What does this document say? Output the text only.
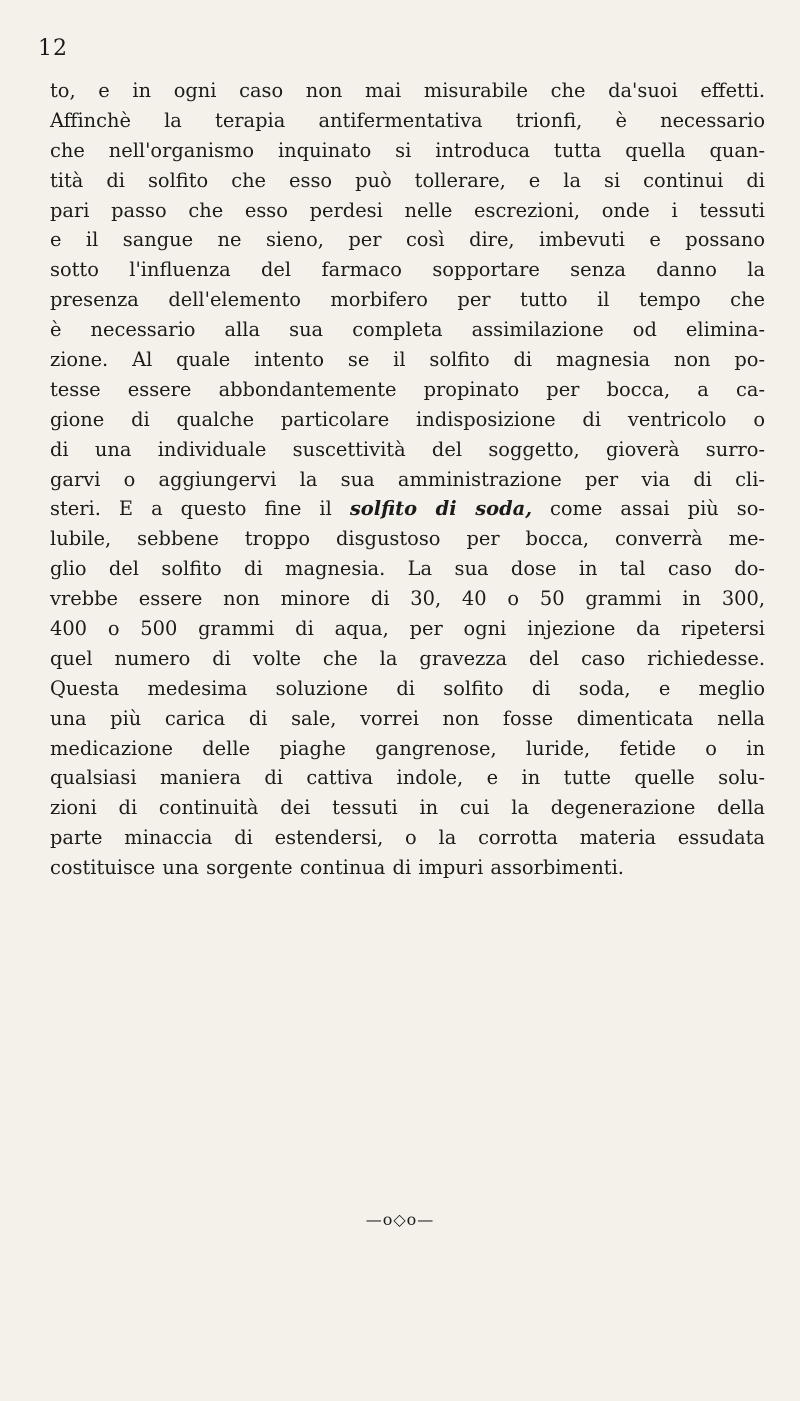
12
to, e in ogni caso non mai misurabile che da'suoi effetti.
Affinchè la terapia antifermentativa trionfi, è necessario
che nell'organismo inquinato si introduca tutta quella quan-
tità di solfito che esso può tollerare, e la si continui di
pari passo che esso perdesi nelle escrezioni, onde i tessuti
e il sangue ne sieno, per così dire, imbevuti e possano
sotto l'influenza del farmaco sopportare senza danno la
presenza dell'elemento morbifero per tutto il tempo che
è necessario alla sua completa assimilazione od elimina-
zione. Al quale intento se il solfito di magnesia non po-
tesse essere abbondantemente propinato per bocca, a ca-
gione di qualche particolare indisposizione di ventricolo o
di una individuale suscettività del soggetto, gioverà surro-
garvi o aggiungervi la sua amministrazione per via di cli-
steri. E a questo fine il solfito di soda, come assai più so-
lubile, sebbene troppo disgustoso per bocca, converrà me-
glio del solfito di magnesia. La sua dose in tal caso do-
vrebbe essere non minore di 30, 40 o 50 grammi in 300,
400 o 500 grammi di aqua, per ogni injezione da ripetersi
quel numero di volte che la gravezza del caso richiedesse.
Questa medesima soluzione di solfito di soda, e meglio
una più carica di sale, vorrei non fosse dimenticata nella
medicazione delle piaghe gangrenose, luride, fetide o in
qualsiasi maniera di cattiva indole, e in tutte quelle solu-
zioni di continuità dei tessuti in cui la degenerazione della
parte minaccia di estendersi, o la corrotta materia essudata
costituisce una sorgente continua di impuri assorbimenti.
—o◇o—
